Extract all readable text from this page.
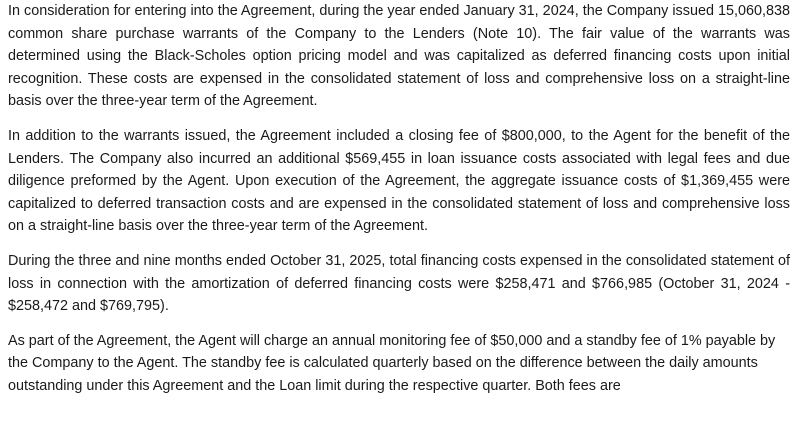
In consideration for entering into the Agreement, during the year ended January 31, 2024, the Company issued 15,060,838 common share purchase warrants of the Company to the Lenders (Note 10). The fair value of the warrants was determined using the Black-Scholes option pricing model and was capitalized as deferred financing costs upon initial recognition. These costs are expensed in the consolidated statement of loss and comprehensive loss on a straight-line basis over the three-year term of the Agreement.

In addition to the warrants issued, the Agreement included a closing fee of $800,000, to the Agent for the benefit of the Lenders. The Company also incurred an additional $569,455 in loan issuance costs associated with legal fees and due diligence preformed by the Agent. Upon execution of the Agreement, the aggregate issuance costs of $1,369,455 were capitalized to deferred transaction costs and are expensed in the consolidated statement of loss and comprehensive loss on a straight-line basis over the three-year term of the Agreement.

During the three and nine months ended October 31, 2025, total financing costs expensed in the consolidated statement of loss in connection with the amortization of deferred financing costs were $258,471 and $766,985 (October 31, 2024 - $258,472 and $769,795).

As part of the Agreement, the Agent will charge an annual monitoring fee of $50,000 and a standby fee of 1% payable by the Company to the Agent. The standby fee is calculated quarterly based on the difference between the daily amounts outstanding under this Agreement and the Loan limit during the respective quarter. Both fees are
